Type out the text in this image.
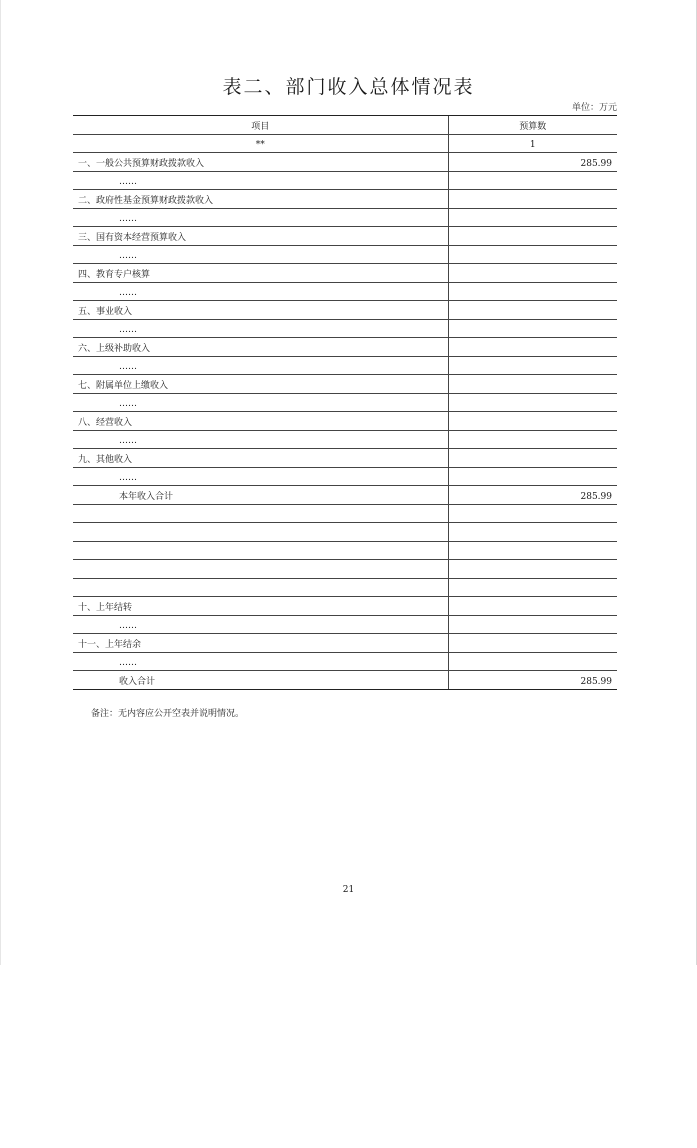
表二、部门收入总体情况表
单位：万元
项目	预算数
**	1
一、一般公共预算财政拨款收入	285.99
……	
二、政府性基金预算财政拨款收入	
……	
三、国有资本经营预算收入	
……	
四、教育专户核算	
……	
五、事业收入	
……	
六、上级补助收入	
……	
七、附属单位上缴收入	
……	
八、经营收入	
……	
九、其他收入	
……	
本年收入合计	285.99

十、上年结转	
……	
十一、上年结余	
……	
收入合计	285.99
备注：无内容应公开空表并说明情况。
21
